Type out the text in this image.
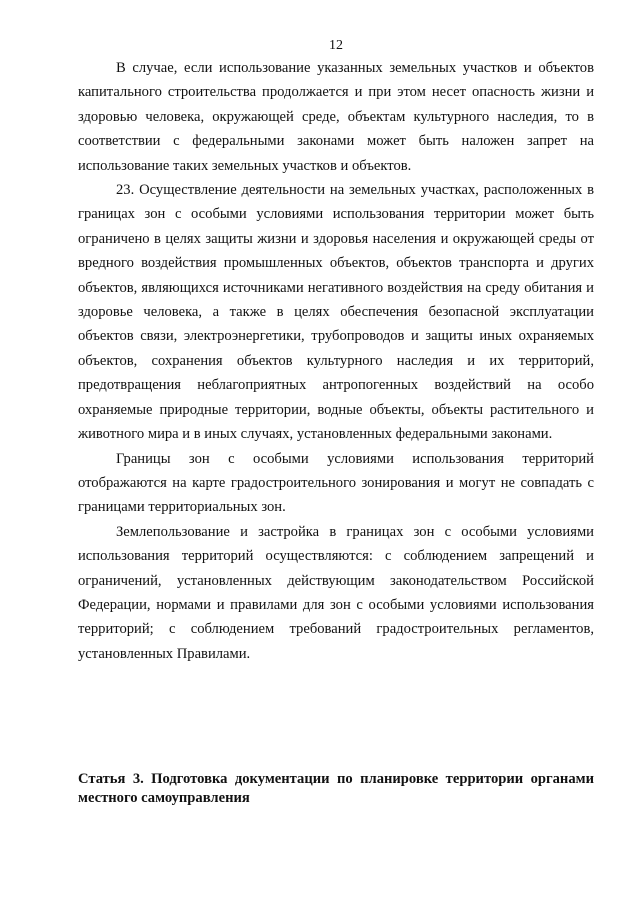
12

В случае, если использование указанных земельных участков и объектов капитального строительства продолжается и при этом несет опасность жизни и здоровью человека, окружающей среде, объектам культурного наследия, то в соответствии с федеральными законами может быть наложен запрет на использование таких земельных участков и объектов.

23. Осуществление деятельности на земельных участках, расположенных в границах зон с особыми условиями использования территории может быть ограничено в целях защиты жизни и здоровья населения и окружающей среды от вредного воздействия промышленных объектов, объектов транспорта и других объектов, являющихся источниками негативного воздействия на среду обитания и здоровье человека, а также в целях обеспечения безопасной эксплуатации объектов связи, электроэнергетики, трубопроводов и защиты иных охраняемых объектов, сохранения объектов культурного наследия и их территорий, предотвращения неблагоприятных антропогенных воздействий на особо охраняемые природные территории, водные объекты, объекты растительного и животного мира и в иных случаях, установленных федеральными законами.

Границы зон с особыми условиями использования территорий отображаются на карте градостроительного зонирования и могут не совпадать с границами территориальных зон.

Землепользование и застройка в границах зон с особыми условиями использования территорий осуществляются: с соблюдением запрещений и ограничений, установленных действующим законодательством Российской Федерации, нормами и правилами для зон с особыми условиями использования территорий; с соблюдением требований градостроительных регламентов, установленных Правилами.

Статья 3. Подготовка документации по планировке территории органами местного самоуправления
